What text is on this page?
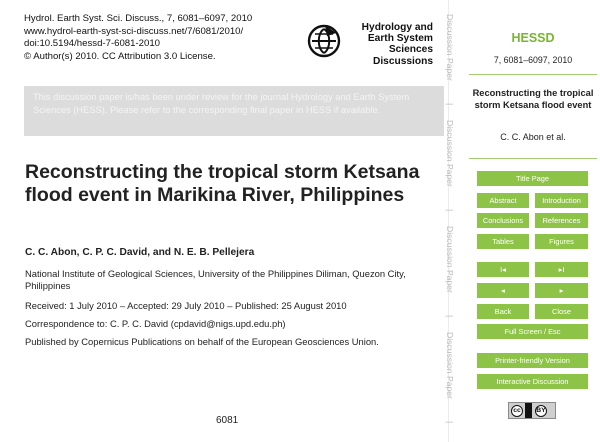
Hydrol. Earth Syst. Sci. Discuss., 7, 6081–6097, 2010
www.hydrol-earth-syst-sci-discuss.net/7/6081/2010/
doi:10.5194/hessd-7-6081-2010
© Author(s) 2010. CC Attribution 3.0 License.
Hydrology and
Earth System
Sciences
Discussions
This discussion paper is/has been under review for the journal Hydrology and Earth System Sciences (HESS). Please refer to the corresponding final paper in HESS if available.
Reconstructing the tropical storm Ketsana flood event in Marikina River, Philippines
C. C. Abon, C. P. C. David, and N. E. B. Pellejera
National Institute of Geological Sciences, University of the Philippines Diliman, Quezon City, Philippines
Received: 1 July 2010 – Accepted: 29 July 2010 – Published: 25 August 2010
Correspondence to: C. P. C. David (cpdavid@nigs.upd.edu.ph)
Published by Copernicus Publications on behalf of the European Geosciences Union.
6081
Discussion Paper
|
Discussion Paper
|
Discussion Paper
|
Discussion Paper
|
HESSD
7, 6081–6097, 2010
Reconstructing the tropical storm Ketsana flood event
C. C. Abon et al.
Title Page
Abstract	Introduction
Conclusions	References
Tables	Figures
I◂	▸I
◂	▸
Back	Close
Full Screen / Esc
Printer-friendly Version
Interactive Discussion
cc	BY
